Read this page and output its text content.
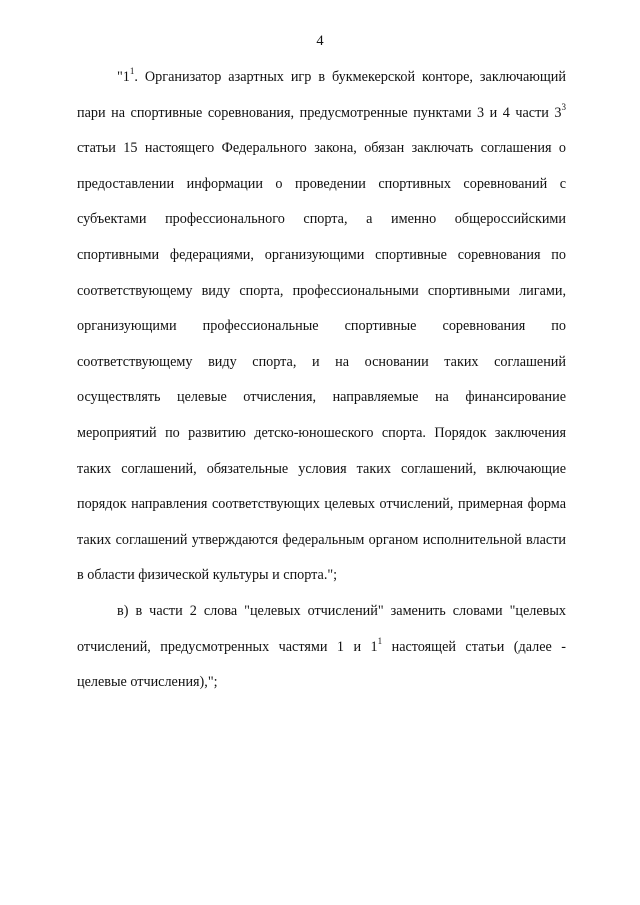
4

"$1^1$. Организатор азартных игр в букмекерской конторе, заключающий пари на спортивные соревнования, предусмотренные пунктами 3 и 4 части $3^3$ статьи 15 настоящего Федерального закона, обязан заключать соглашения о предоставлении информации о проведении спортивных соревнований с субъектами профессионального спорта, а именно общероссийскими спортивными федерациями, организующими спортивные соревнования по соответствующему виду спорта, профессиональными спортивными лигами, организующими профессиональные спортивные соревнования по соответствующему виду спорта, и на основании таких соглашений осуществлять целевые отчисления, направляемые на финансирование мероприятий по развитию детско-юношеского спорта. Порядок заключения таких соглашений, обязательные условия таких соглашений, включающие порядок направления соответствующих целевых отчислений, примерная форма таких соглашений утверждаются федеральным органом исполнительной власти в области физической культуры и спорта.";

в) в части 2 слова "целевых отчислений" заменить словами "целевых отчислений, предусмотренных частями 1 и $1^1$ настоящей статьи (далее - целевые отчисления),";
